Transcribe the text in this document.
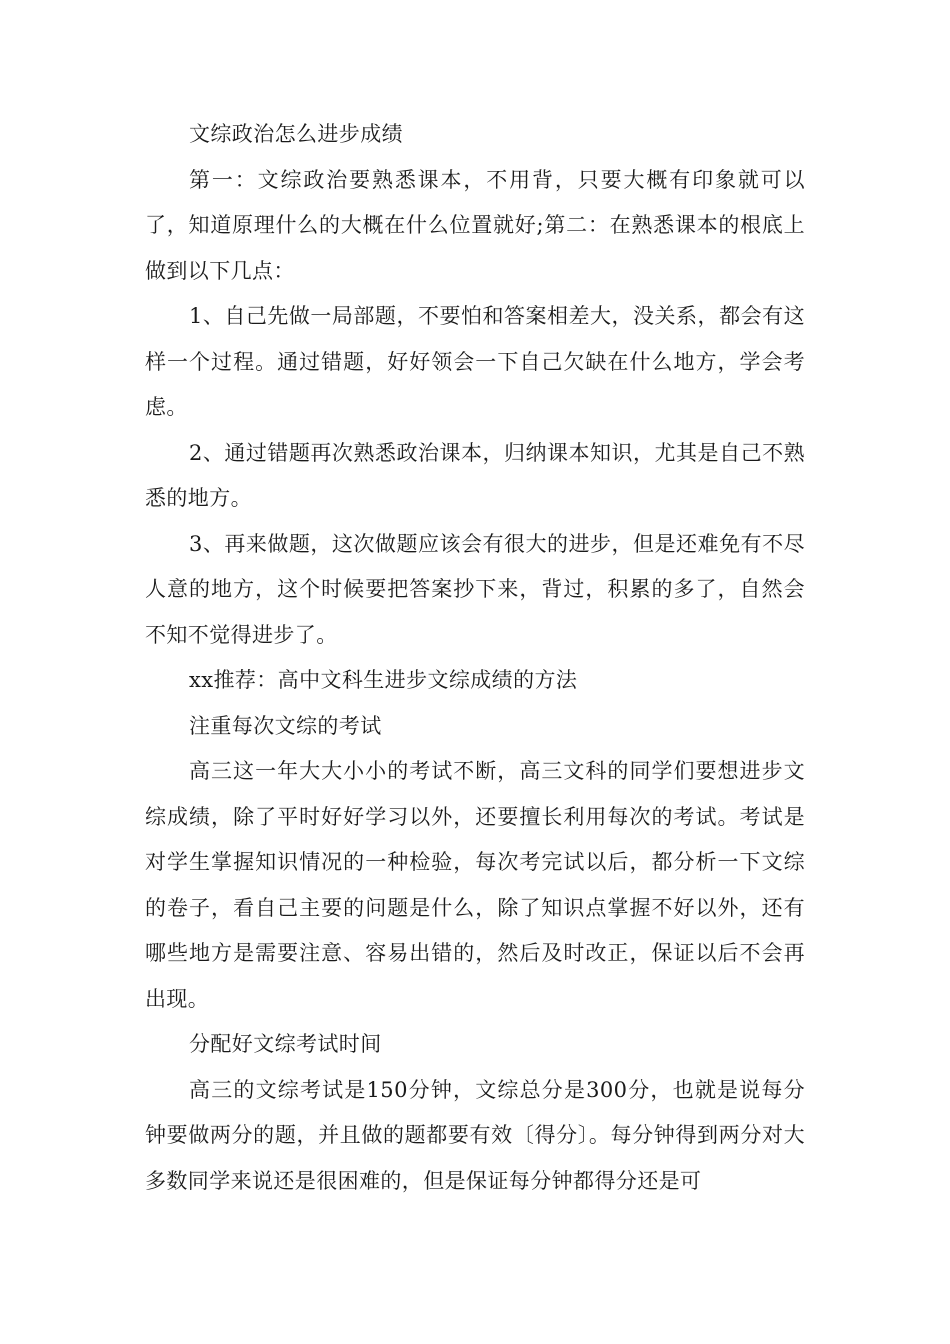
文综政治怎么进步成绩

第一：文综政治要熟悉课本，不用背，只要大概有印象就可以了，知道原理什么的大概在什么位置就好;第二：在熟悉课本的根底上做到以下几点：

1、自己先做一局部题，不要怕和答案相差大，没关系，都会有这样一个过程。通过错题，好好领会一下自己欠缺在什么地方，学会考虑。

2、通过错题再次熟悉政治课本，归纳课本知识，尤其是自己不熟悉的地方。

3、再来做题，这次做题应该会有很大的进步，但是还难免有不尽人意的地方，这个时候要把答案抄下来，背过，积累的多了，自然会不知不觉得进步了。

xx推荐：高中文科生进步文综成绩的方法

注重每次文综的考试

高三这一年大大小小的考试不断，高三文科的同学们要想进步文综成绩，除了平时好好学习以外，还要擅长利用每次的考试。考试是对学生掌握知识情况的一种检验，每次考完试以后，都分析一下文综的卷子，看自己主要的问题是什么，除了知识点掌握不好以外，还有哪些地方是需要注意、容易出错的，然后及时改正，保证以后不会再出现。

分配好文综考试时间

高三的文综考试是150分钟，文综总分是300分，也就是说每分钟要做两分的题，并且做的题都要有效〔得分〕。每分钟得到两分对大多数同学来说还是很困难的，但是保证每分钟都得分还是可
